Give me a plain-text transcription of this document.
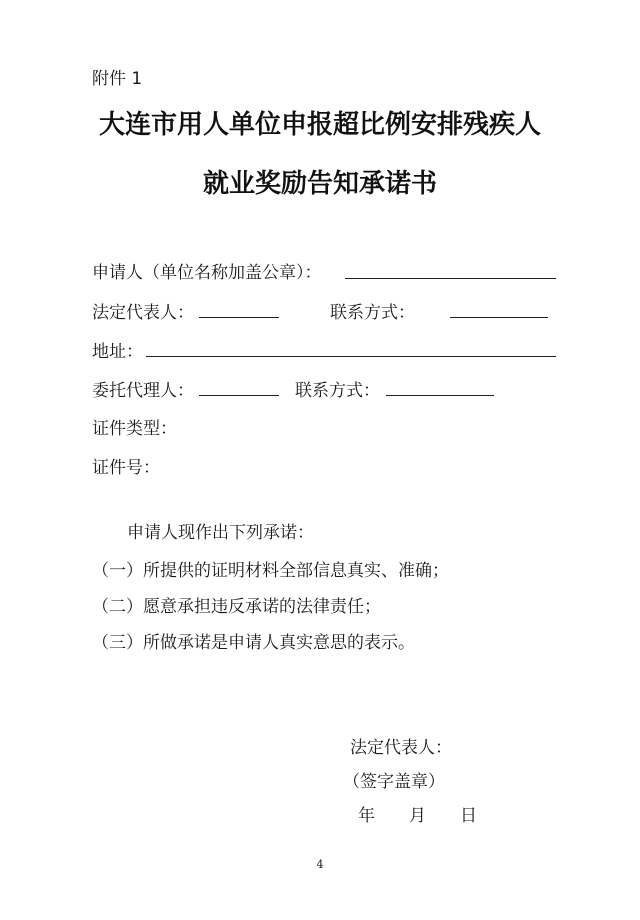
附件 1
大连市用人单位申报超比例安排残疾人
就业奖励告知承诺书
申请人（单位名称加盖公章）：
法定代表人：	联系方式：
地址：
委托代理人：	联系方式：
证件类型：
证件号：
申请人现作出下列承诺：
（一）所提供的证明材料全部信息真实、准确；
（二）愿意承担违反承诺的法律责任；
（三）所做承诺是申请人真实意思的表示。
法定代表人：
（签字盖章）
年　　月　　日
4
